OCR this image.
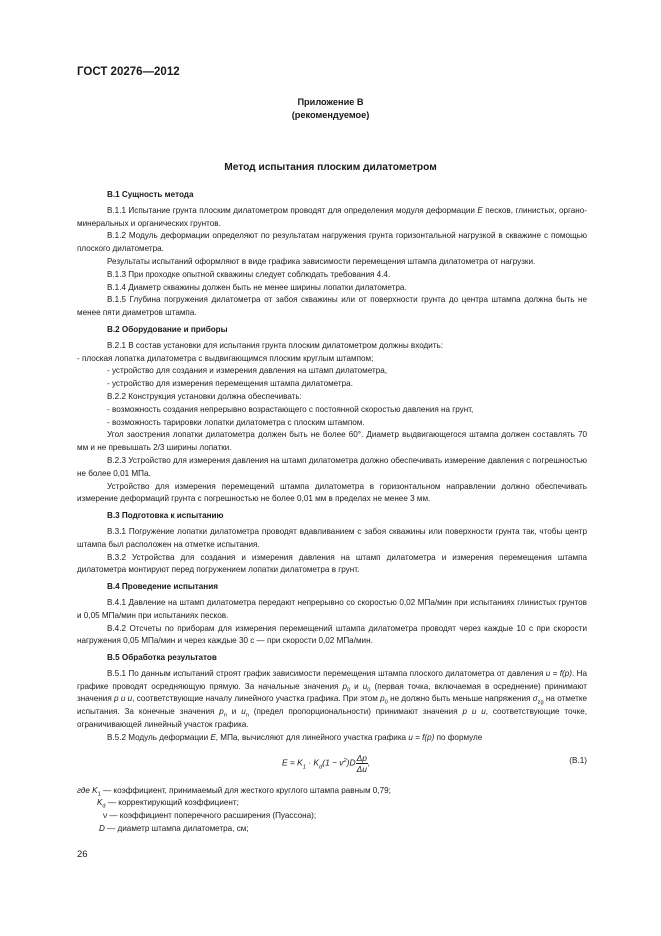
ГОСТ 20276—2012
Приложение В
(рекомендуемое)
Метод испытания плоским дилатометром

В.1 Сущность метода

В.1.1 Испытание грунта плоским дилатометром проводят для определения модуля деформации E песков, глинистых, органо-минеральных и органических грунтов.

В.1.2 Модуль деформации определяют по результатам нагружения грунта горизонтальной нагрузкой в скважине с помощью плоского дилатометра.

Результаты испытаний оформляют в виде графика зависимости перемещения штампа дилатометра от нагрузки.

В.1.3 При проходке опытной скважины следует соблюдать требования 4.4.

В.1.4 Диаметр скважины должен быть не менее ширины лопатки дилатометра.

В.1.5 Глубина погружения дилатометра от забоя скважины или от поверхности грунта до центра штампа должна быть не менее пяти диаметров штампа.

В.2 Оборудование и приборы

В.2.1 В состав установки для испытания грунта плоским дилатометром должны входить:

- плоская лопатка дилатометра с выдвигающимся плоским круглым штампом;

- устройство для создания и измерения давления на штамп дилатометра,

- устройство для измерения перемещения штампа дилатометра.

В.2.2 Конструкция установки должна обеспечивать:

- возможность создания непрерывно возрастающего с постоянной скоростью давления на грунт,

- возможность тарировки лопатки дилатометра с плоским штампом.

Угол заострения лопатки дилатометра должен быть не более 60°. Диаметр выдвигающегося штампа должен составлять 70 мм и не превышать 2/3 ширины лопатки.

В.2.3 Устройство для измерения давления на штамп дилатометра должно обеспечивать измерение давления с погрешностью не более 0,01 МПа.

Устройство для измерения перемещений штампа дилатометра в горизонтальном направлении должно обеспечивать измерение деформаций грунта с погрешностью не более 0,01 мм в пределах не менее 3 мм.

В.3 Подготовка к испытанию

В.3.1 Погружение лопатки дилатометра проводят вдавливанием с забоя скважины или поверхности грунта так, чтобы центр штампа был расположен на отметке испытания.

В.3.2 Устройства для создания и измерения давления на штамп дилатометра и измерения перемещения штампа дилатометра монтируют перед погружением лопатки дилатометра в грунт.

В.4 Проведение испытания

В.4.1 Давление на штамп дилатометра передают непрерывно со скоростью 0,02 МПа/мин при испытаниях глинистых грунтов и 0,05 МПа/мин при испытаниях песков.

В.4.2 Отсчеты по приборам для измерения перемещений штампа дилатометра проводят через каждые 10 с при скорости нагружения 0,05 МПа/мин и через каждые 30 с — при скорости 0,02 МПа/мин.

В.5 Обработка результатов

В.5.1 По данным испытаний строят график зависимости перемещения штампа плоского дилатометра от давления u = f(p). На графике проводят осредняющую прямую. За начальные значения $p_0$ и $u_0$ (первая точка, включаемая в осреднение) принимают значения p и u, соответствующие началу линейного участка графика. При этом $p_0$ не должно быть меньше напряжения $\sigma_{zg}$ на отметке испытания. За конечные значения $p_n$ и $u_n$ (предел пропорциональности) принимают значения p и u, соответствующие точке, ограничивающей линейный участок графика.

В.5.2 Модуль деформации E, МПа, вычисляют для линейного участка графика u = f(p) по формуле

$E = K_1 \cdot K_d(1 - \nu^2)D \frac{\Delta p}{\Delta u}$ ,	(В.1)

где $K_1$ — коэффициент, принимаемый для жесткого круглого штампа равным 0,79;

$K_d$ — корректирующий коэффициент;

ν — коэффициент поперечного расширения (Пуассона);

D — диаметр штампа дилатометра, см;

26
